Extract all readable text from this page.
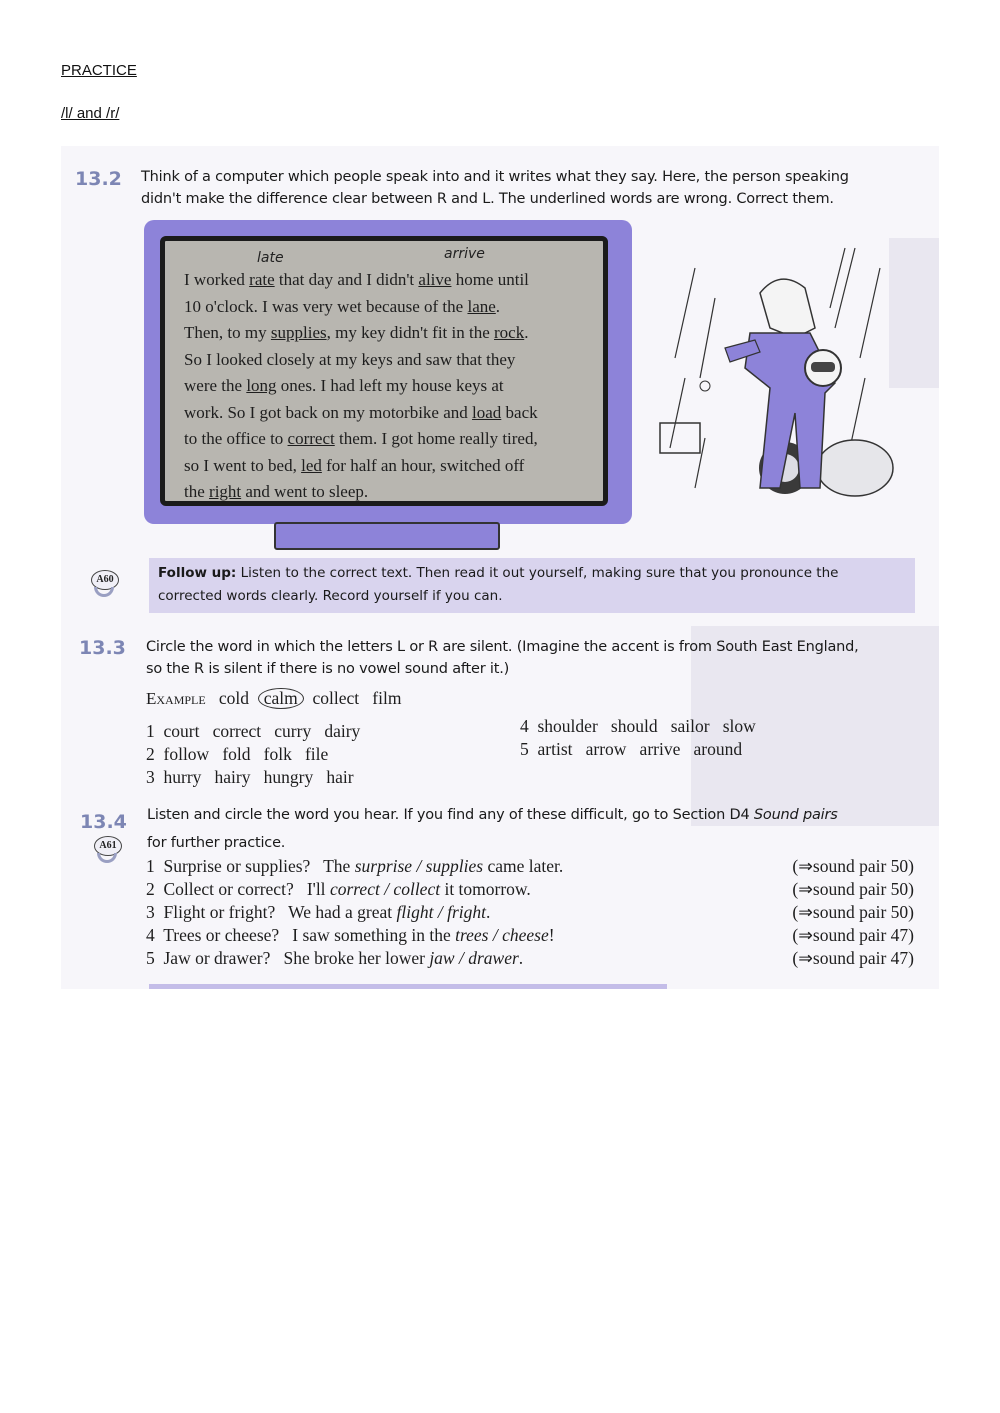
PRACTICE
/l/ and /r/
13.2 Think of a computer which people speak into and it writes what they say. Here, the person speaking
didn't make the difference clear between R and L. The underlined words are wrong. Correct them.
late	arrive
I worked rate that day and I didn't alive home until
10 o'clock. I was very wet because of the lane.
Then, to my supplies, my key didn't fit in the rock.
So I looked closely at my keys and saw that they
were the long ones. I had left my house keys at
work. So I got back on my motorbike and load back
to the office to correct them. I got home really tired,
so I went to bed, led for half an hour, switched off
the right and went to sleep.
A60	Follow up: Listen to the correct text. Then read it out yourself, making sure that you pronounce the
corrected words clearly. Record yourself if you can.
13.3 Circle the word in which the letters L or R are silent. (Imagine the accent is from South East England,
so the R is silent if there is no vowel sound after it.)
Example cold calm collect   film
1  court   correct   curry   dairy
2  follow   fold   folk   file
3  hurry   hairy   hungry   hair
4  shoulder   should   sailor   slow
5  artist   arrow   arrive   around
13.4
A61
Listen and circle the word you hear. If you find any of these difficult, go to Section D4 Sound pairs
for further practice.
1 Surprise or supplies? The surprise / supplies came later.	(⇒sound pair 50)
2 Collect or correct? I'll correct / collect it tomorrow.	(⇒sound pair 50)
3 Flight or fright? We had a great flight / fright.	(⇒sound pair 50)
4 Trees or cheese? I saw something in the trees / cheese!	(⇒sound pair 47)
5 Jaw or drawer? She broke her lower jaw / drawer.	(⇒sound pair 47)
